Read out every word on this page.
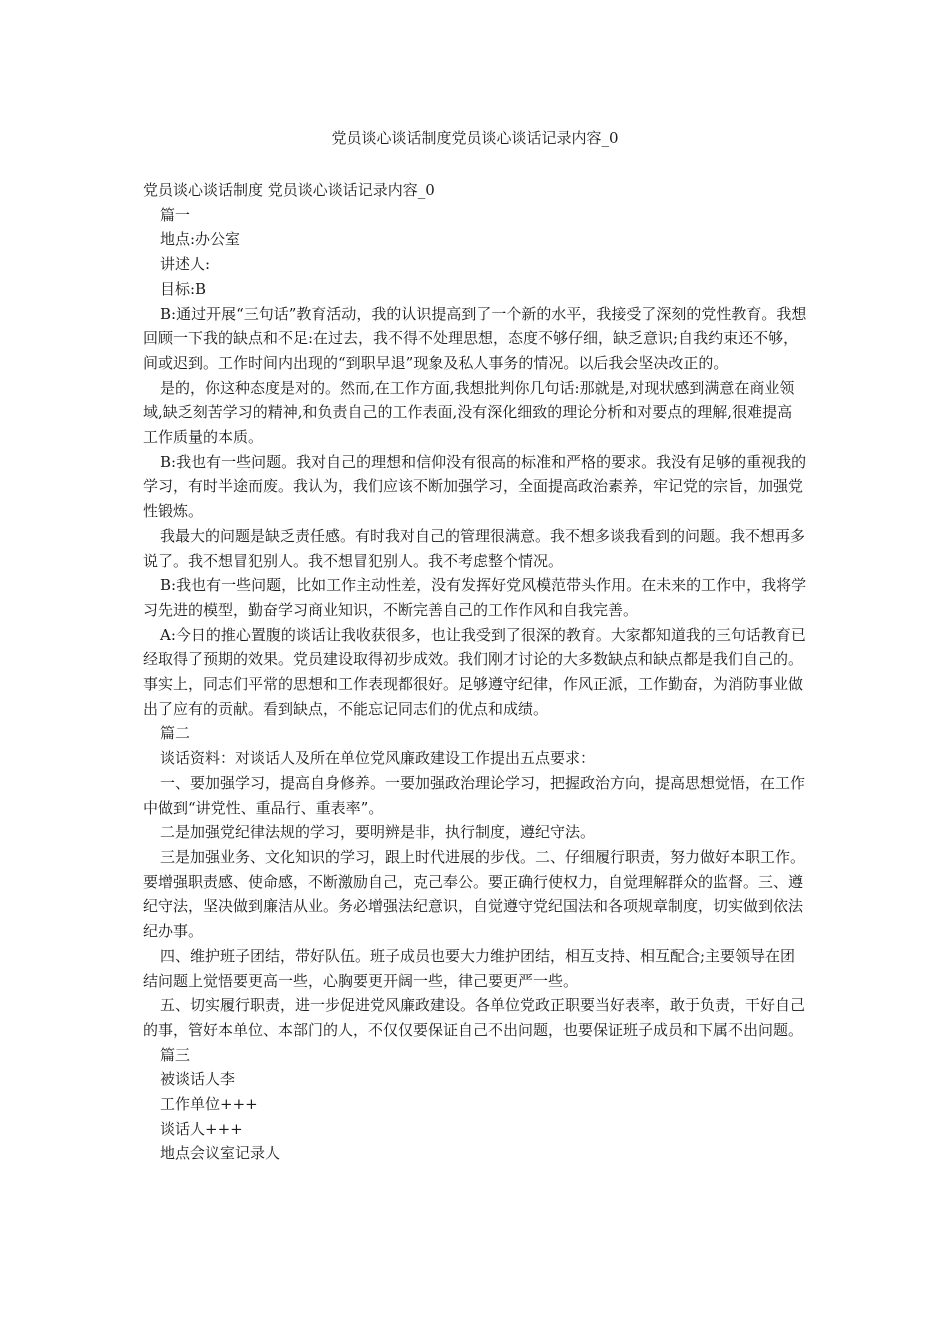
党员谈心谈话制度党员谈心谈话记录内容_0

党员谈心谈话制度 党员谈心谈话记录内容_0

篇一

地点:办公室

讲述人:

目标:B

B:通过开展“三句话”教育活动，我的认识提高到了一个新的水平，我接受了深刻的党性教育。我想回顾一下我的缺点和不足:在过去，我不得不处理思想，态度不够仔细，缺乏意识;自我约束还不够，间或迟到。工作时间内出现的“到职早退”现象及私人事务的情况。以后我会坚决改正的。

是的，你这种态度是对的。然而,在工作方面,我想批判你几句话:那就是,对现状感到满意在商业领域,缺乏刻苦学习的精神,和负责自己的工作表面,没有深化细致的理论分析和对要点的理解,很难提高工作质量的本质。

B:我也有一些问题。我对自己的理想和信仰没有很高的标准和严格的要求。我没有足够的重视我的学习，有时半途而废。我认为，我们应该不断加强学习，全面提高政治素养，牢记党的宗旨，加强党性锻炼。

我最大的问题是缺乏责任感。有时我对自己的管理很满意。我不想多谈我看到的问题。我不想再多说了。我不想冒犯别人。我不想冒犯别人。我不考虑整个情况。

B:我也有一些问题，比如工作主动性差，没有发挥好党风模范带头作用。在未来的工作中，我将学习先进的模型，勤奋学习商业知识，不断完善自己的工作作风和自我完善。

A:今日的推心置腹的谈话让我收获很多，也让我受到了很深的教育。大家都知道我的三句话教育已经取得了预期的效果。党员建设取得初步成效。我们刚才讨论的大多数缺点和缺点都是我们自己的。事实上，同志们平常的思想和工作表现都很好。足够遵守纪律，作风正派，工作勤奋，为消防事业做出了应有的贡献。看到缺点，不能忘记同志们的优点和成绩。

篇二

谈话资料：对谈话人及所在单位党风廉政建设工作提出五点要求：

一、要加强学习，提高自身修养。一要加强政治理论学习，把握政治方向，提高思想觉悟，在工作中做到“讲党性、重品行、重表率”。

二是加强党纪律法规的学习，要明辨是非，执行制度，遵纪守法。

三是加强业务、文化知识的学习，跟上时代进展的步伐。二、仔细履行职责，努力做好本职工作。要增强职责感、使命感，不断激励自己，克己奉公。要正确行使权力，自觉理解群众的监督。三、遵纪守法，坚决做到廉洁从业。务必增强法纪意识，自觉遵守党纪国法和各项规章制度，切实做到依法纪办事。

四、维护班子团结，带好队伍。班子成员也要大力维护团结，相互支持、相互配合;主要领导在团结问题上觉悟要更高一些，心胸要更开阔一些，律己要更严一些。

五、切实履行职责，进一步促进党风廉政建设。各单位党政正职要当好表率，敢于负责，干好自己的事，管好本单位、本部门的人，不仅仅要保证自己不出问题，也要保证班子成员和下属不出问题。

篇三

被谈话人李

工作单位+++

谈话人+++

地点会议室记录人
